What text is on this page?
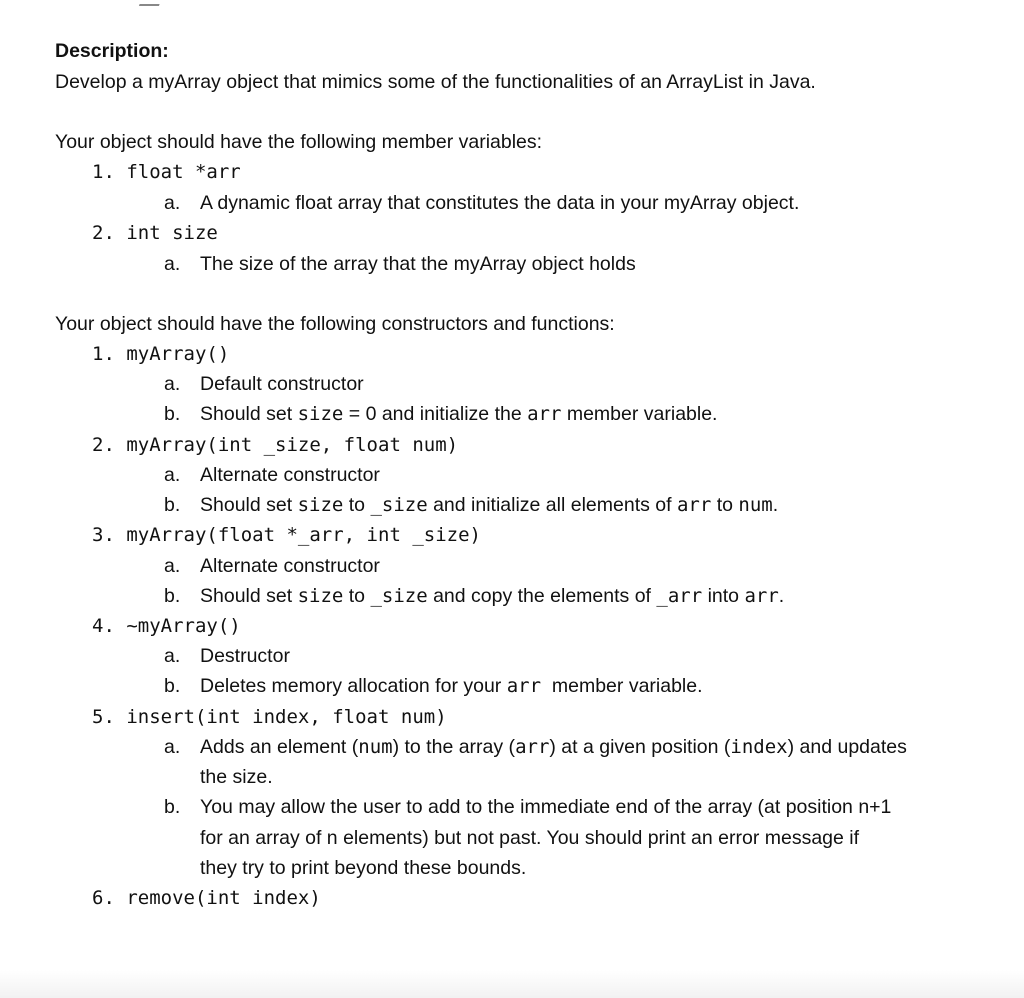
Description:
Develop a myArray object that mimics some of the functionalities of an ArrayList in Java.
Your object should have the following member variables:
1. float *arr
a. A dynamic float array that constitutes the data in your myArray object.
2. int size
a. The size of the array that the myArray object holds
Your object should have the following constructors and functions:
1. myArray()
a. Default constructor
b. Should set size = 0 and initialize the arr member variable.
2. myArray(int _size, float num)
a. Alternate constructor
b. Should set size to _size and initialize all elements of arr to num.
3. myArray(float *_arr, int _size)
a. Alternate constructor
b. Should set size to _size and copy the elements of _arr into arr.
4. ~myArray()
a. Destructor
b. Deletes memory allocation for your arr  member variable.
5. insert(int index, float num)
a. Adds an element (num) to the array (arr) at a given position (index) and updates
the size.
b. You may allow the user to add to the immediate end of the array (at position n+1
for an array of n elements) but not past. You should print an error message if
they try to print beyond these bounds.
6. remove(int index)
